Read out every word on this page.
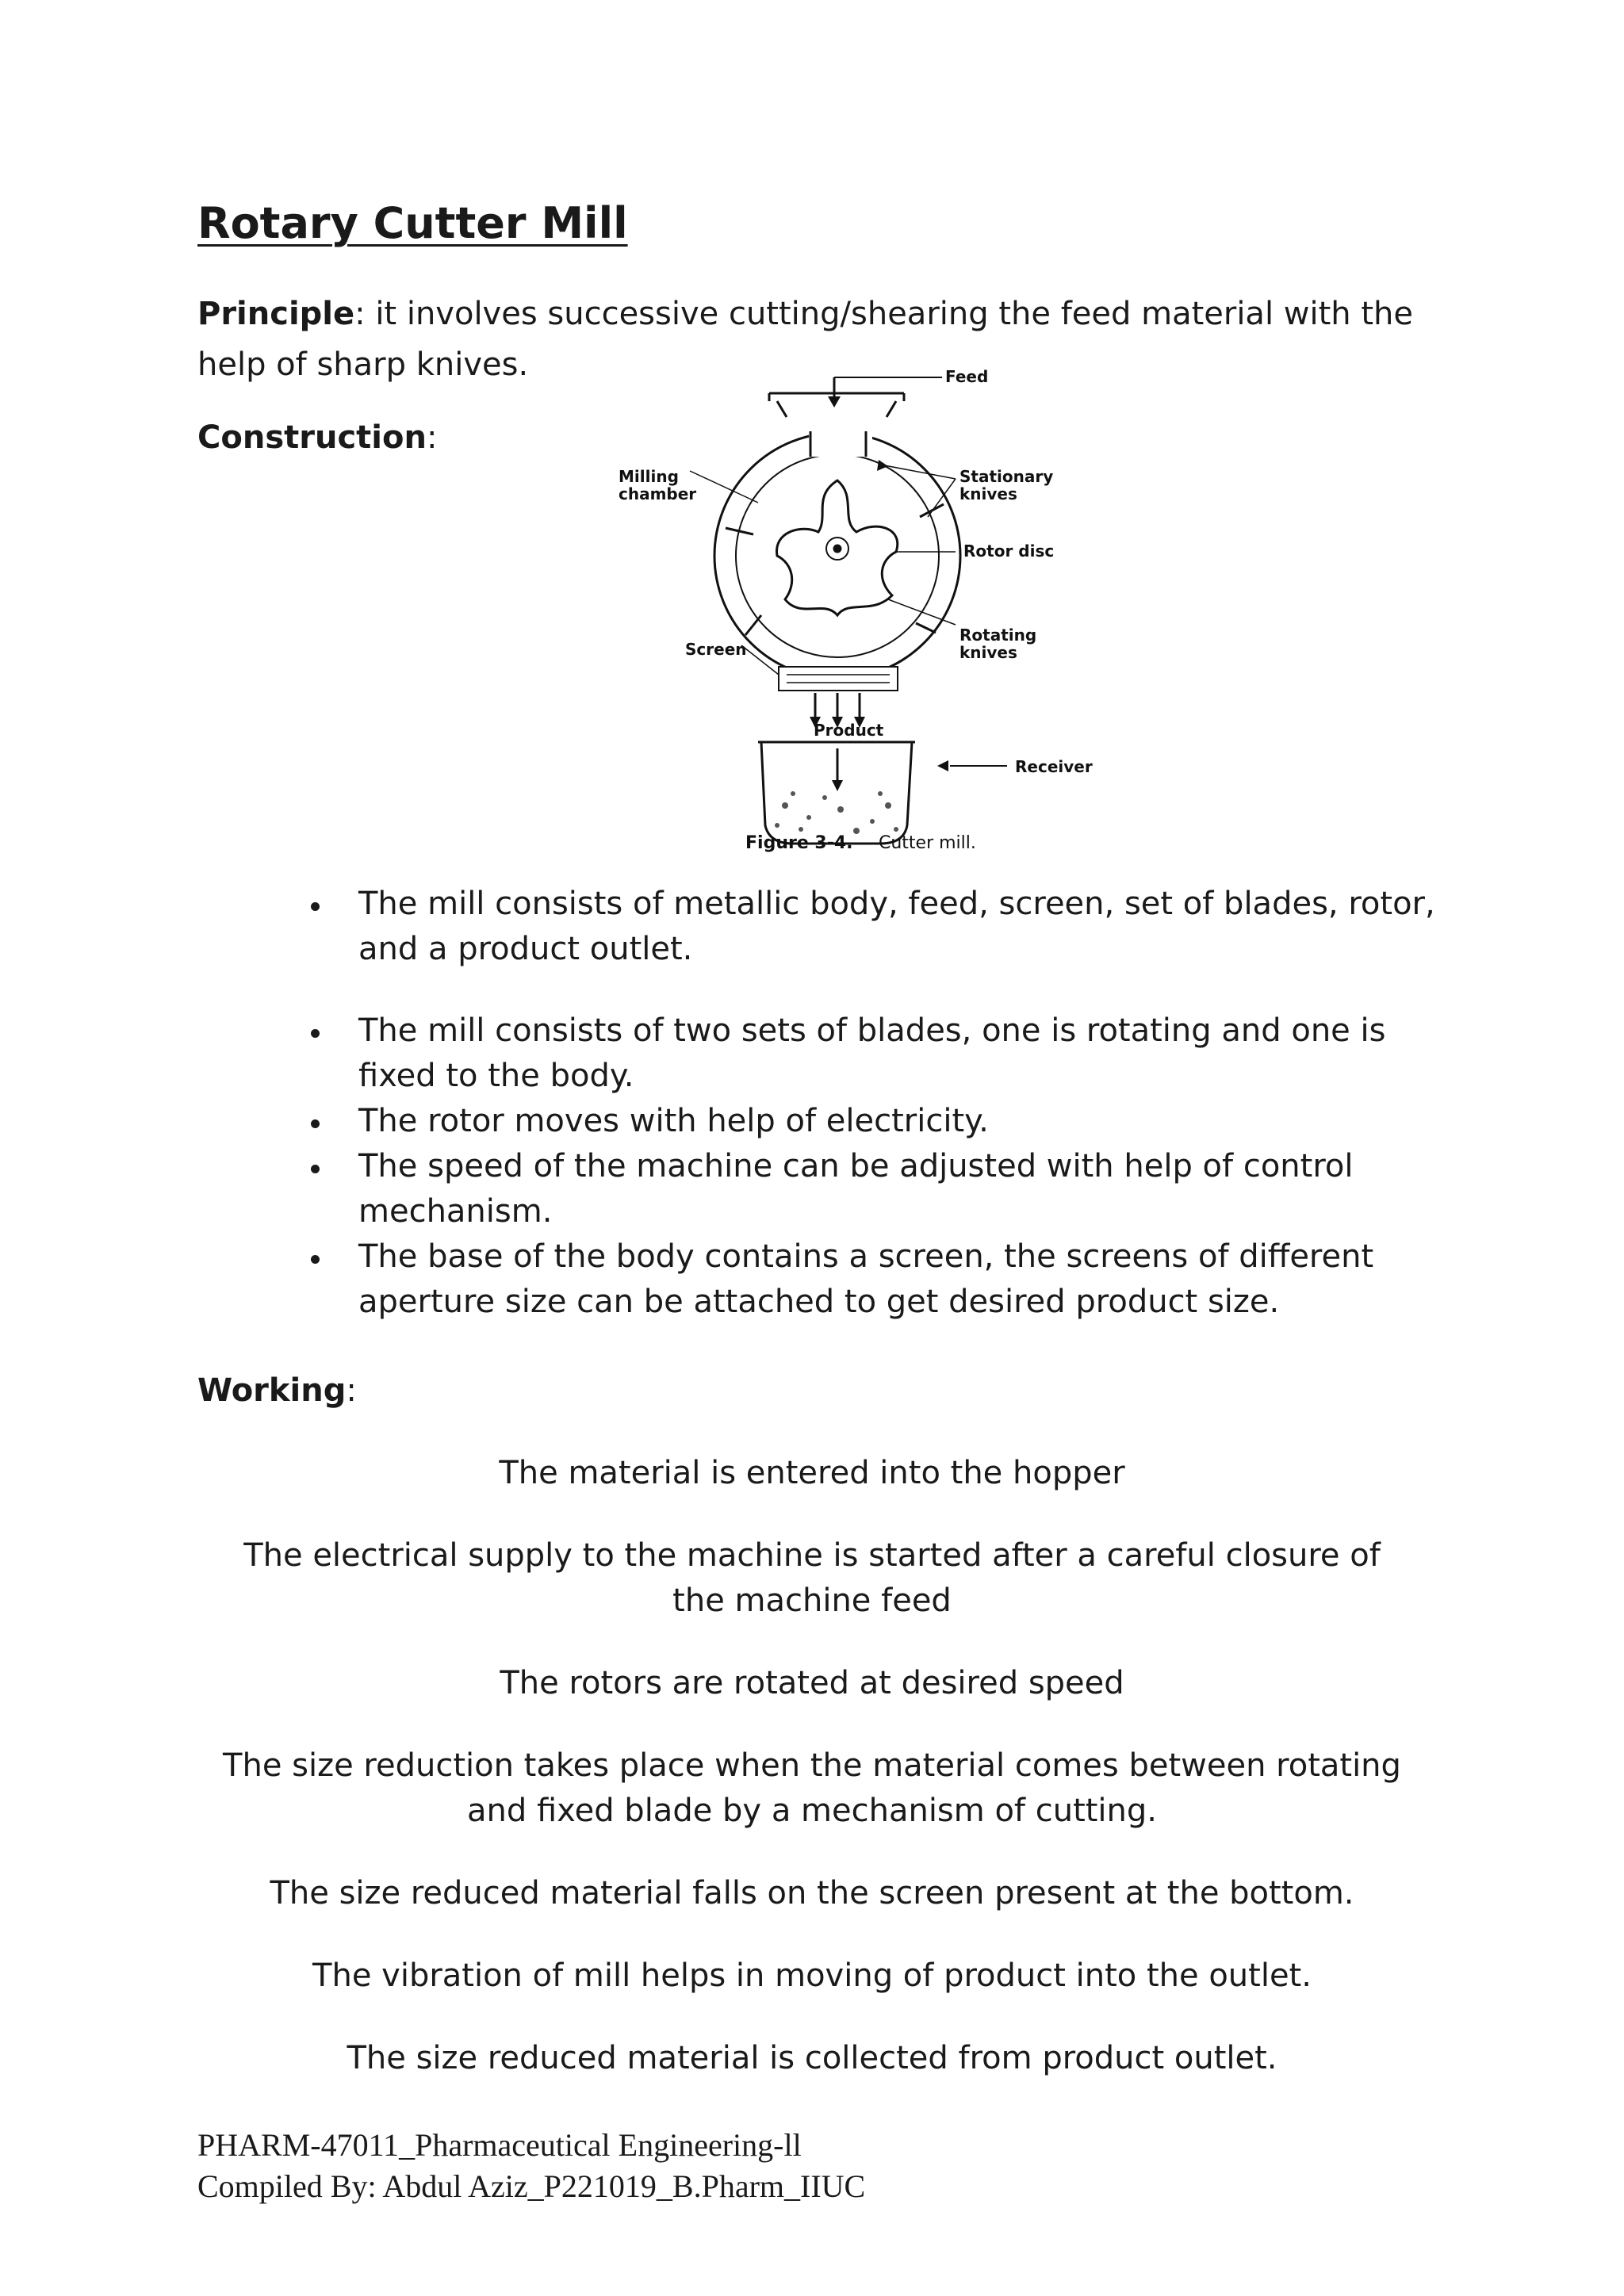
Rotary Cutter Mill
Principle: it involves successive cutting/shearing the feed material with the help of sharp knives.
Construction:
Feed
Milling
chamber
Stationary
knives
Rotor disc
Rotating
knives
Screen
Product
Receiver
Figure 3-4. Cutter mill.
The mill consists of metallic body, feed, screen, set of blades, rotor, and a product outlet.
The mill consists of two sets of blades, one is rotating and one is fixed to the body.
The rotor moves with help of electricity.
The speed of the machine can be adjusted with help of control mechanism.
The base of the body contains a screen, the screens of different aperture size can be attached to get desired product size.
Working:
The material is entered into the hopper
The electrical supply to the machine is started after a careful closure of the machine feed
The rotors are rotated at desired speed
The size reduction takes place when the material comes between rotating and fixed blade by a mechanism of cutting.
The size reduced material falls on the screen present at the bottom.
The vibration of mill helps in moving of product into the outlet.
The size reduced material is collected from product outlet.
PHARM-47011_Pharmaceutical Engineering-ll
Compiled By: Abdul Aziz_P221019_B.Pharm_IIUC
